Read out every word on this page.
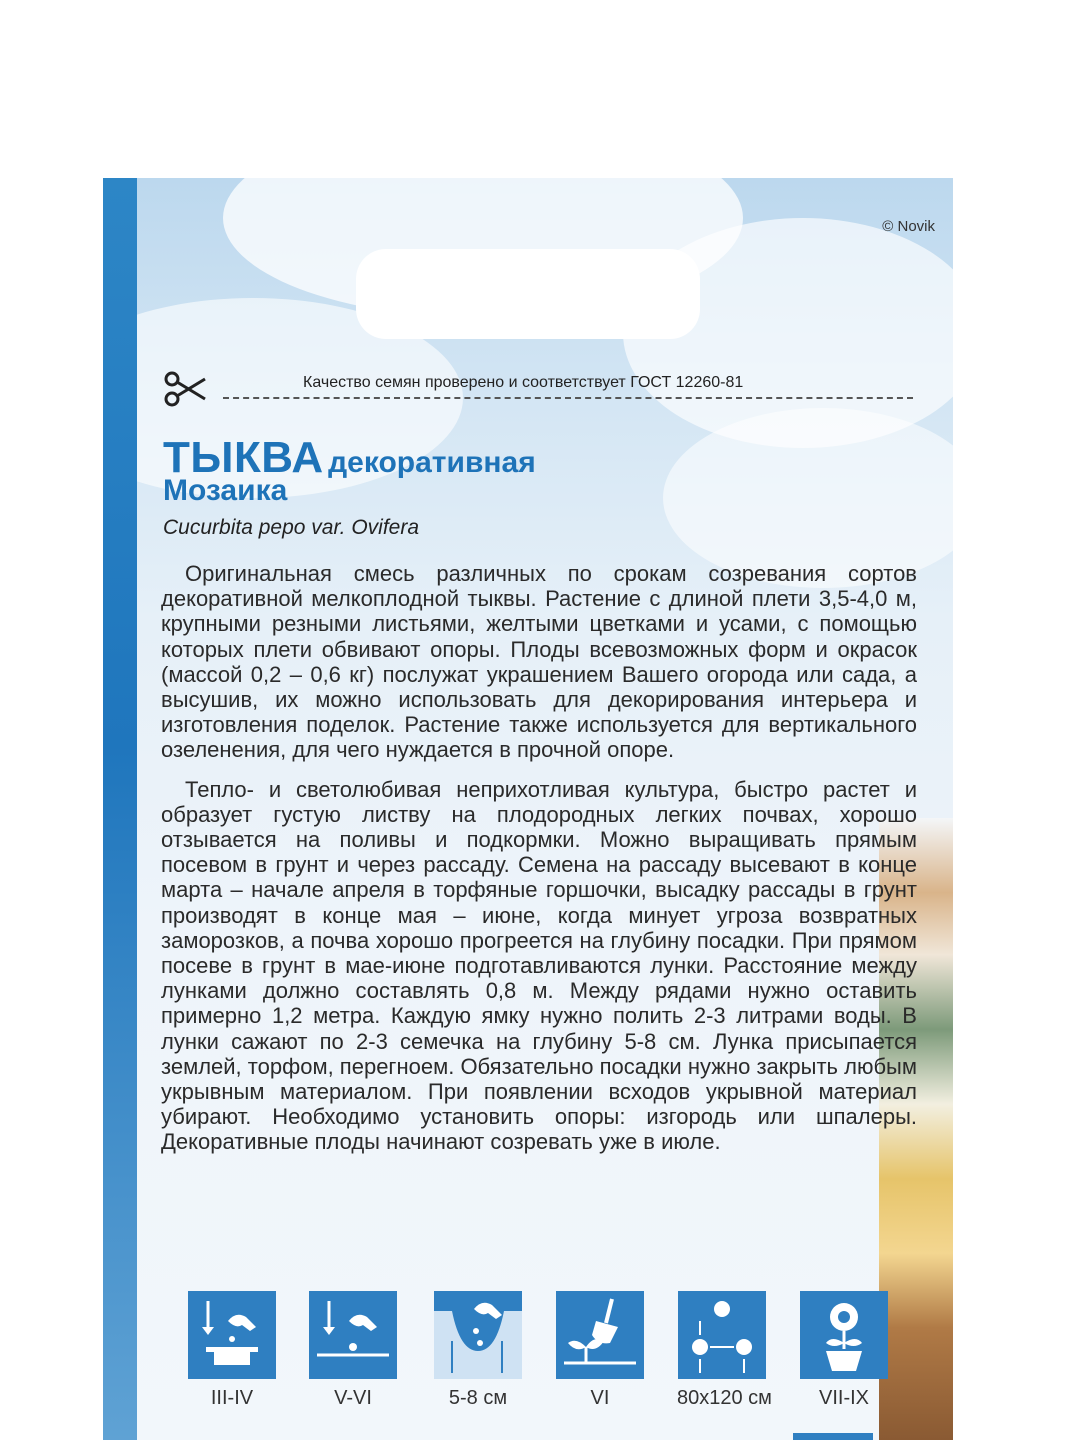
© Novik
Качество семян проверено и соответствует ГОСТ 12260-81
ТЫКВА декоративная
Мозаика
Cucurbita pepo var. Ovifera

Оригинальная смесь различных по срокам созревания сортов декоративной мелкоплодной тыквы. Растение с длиной плети 3,5-4,0 м, крупными резными листьями, желтыми цветками и усами, с помощью которых плети обвивают опоры. Плоды всевозможных форм и окрасок (массой 0,2 – 0,6 кг) послужат украшением Вашего огорода или сада, а высушив, их можно использовать для декорирования интерьера и изготовления поделок. Растение также используется для вертикального озеленения, для чего нуждается в прочной опоре.

Тепло- и светолюбивая неприхотливая культура, быстро растет и образует густую листву на плодородных легких почвах, хорошо отзывается на поливы и подкормки. Можно выращивать прямым посевом в грунт и через рассаду. Семена на рассаду высевают в конце марта – начале апреля в торфяные горшочки, высадку рассады в грунт производят в конце мая – июне, когда минует угроза возвратных заморозков, а почва хорошо прогреется на глубину посадки. При прямом посеве в грунт в мае-июне подготавливаются лунки. Расстояние между лунками должно составлять 0,8 м. Между рядами нужно оставить примерно 1,2 метра. Каждую ямку нужно полить 2-3 литрами воды. В лунки сажают по 2-3 семечка на глубину 5-8 см. Лунка присыпается землей, торфом, перегноем. Обязательно посадки нужно закрыть любым укрывным материалом. При появлении всходов укрывной материал убирают. Необходимо установить опоры: изгородь или шпалеры. Декоративные плоды начинают созревать уже в июле.

III-IV	V-VI	5-8 см	VI	80х120 см	VII-IX
